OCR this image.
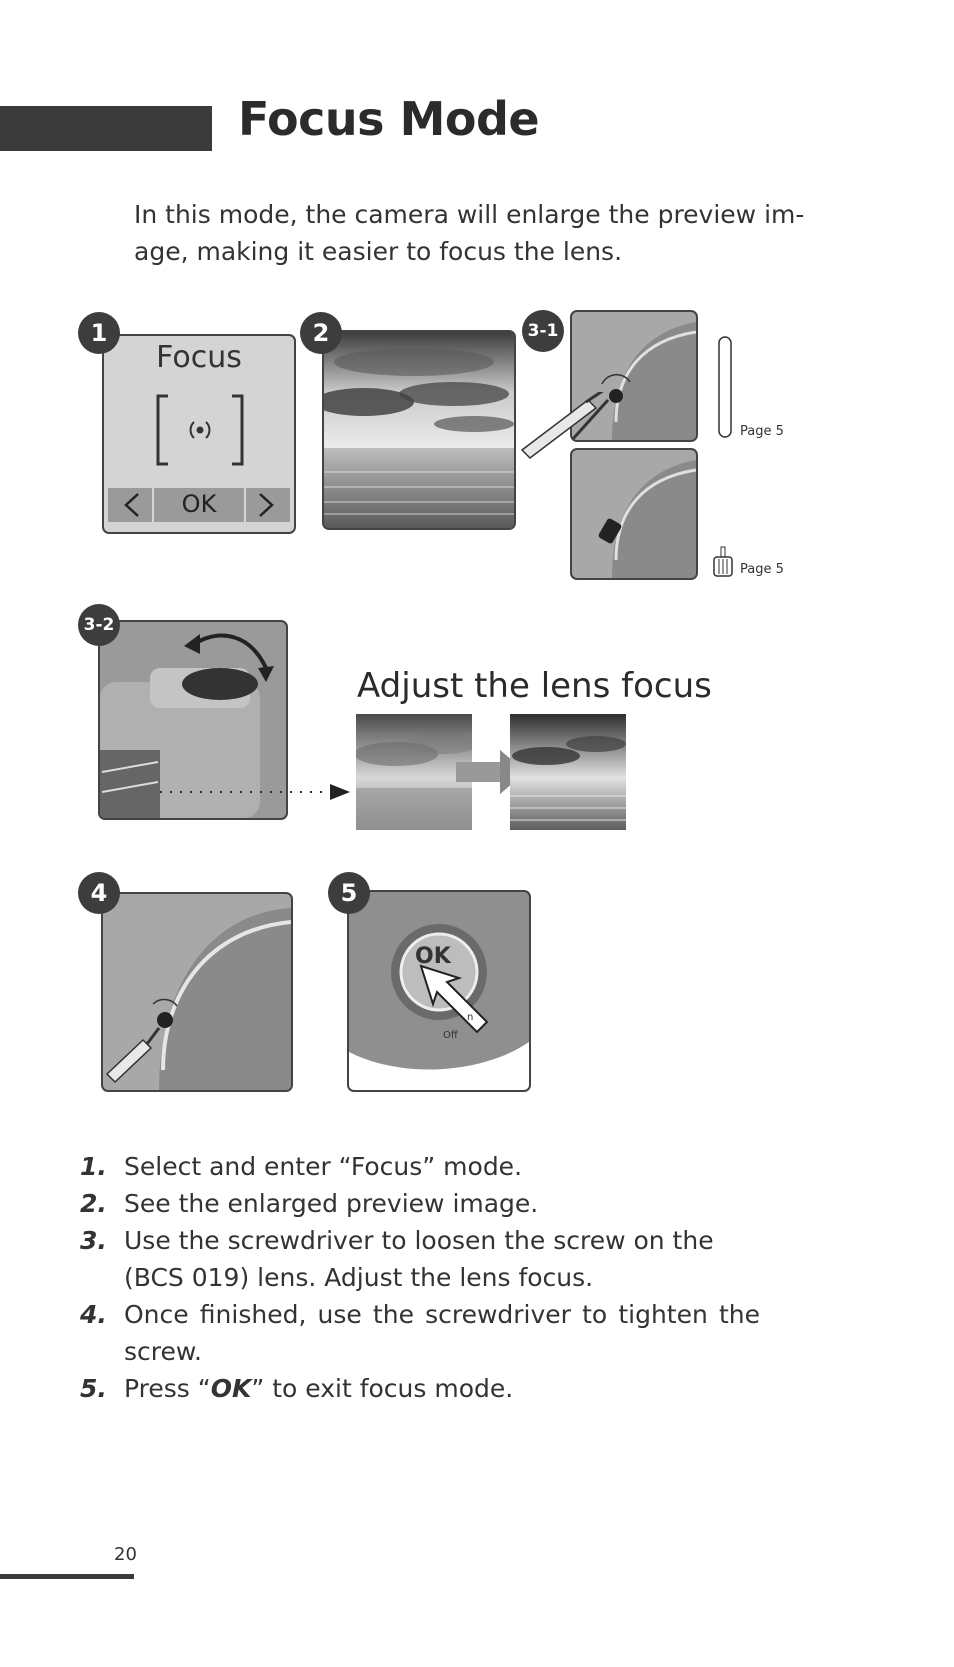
Focus Mode
In this mode, the camera will enlarge the preview im-age, making it easier to focus the lens.
Focus
OK
1	2	3-1
Page 5
Page 5
3-2
Adjust the lens focus
4
OK
n
Off
5
1. Select and enter “Focus” mode.
2. See the enlarged preview image.
3. Use the screwdriver to loosen the screw on the (BCS 019) lens. Adjust the lens focus.
4. Once finished, use the screwdriver to tighten the screw.
5. Press “OK” to exit focus mode.
20
